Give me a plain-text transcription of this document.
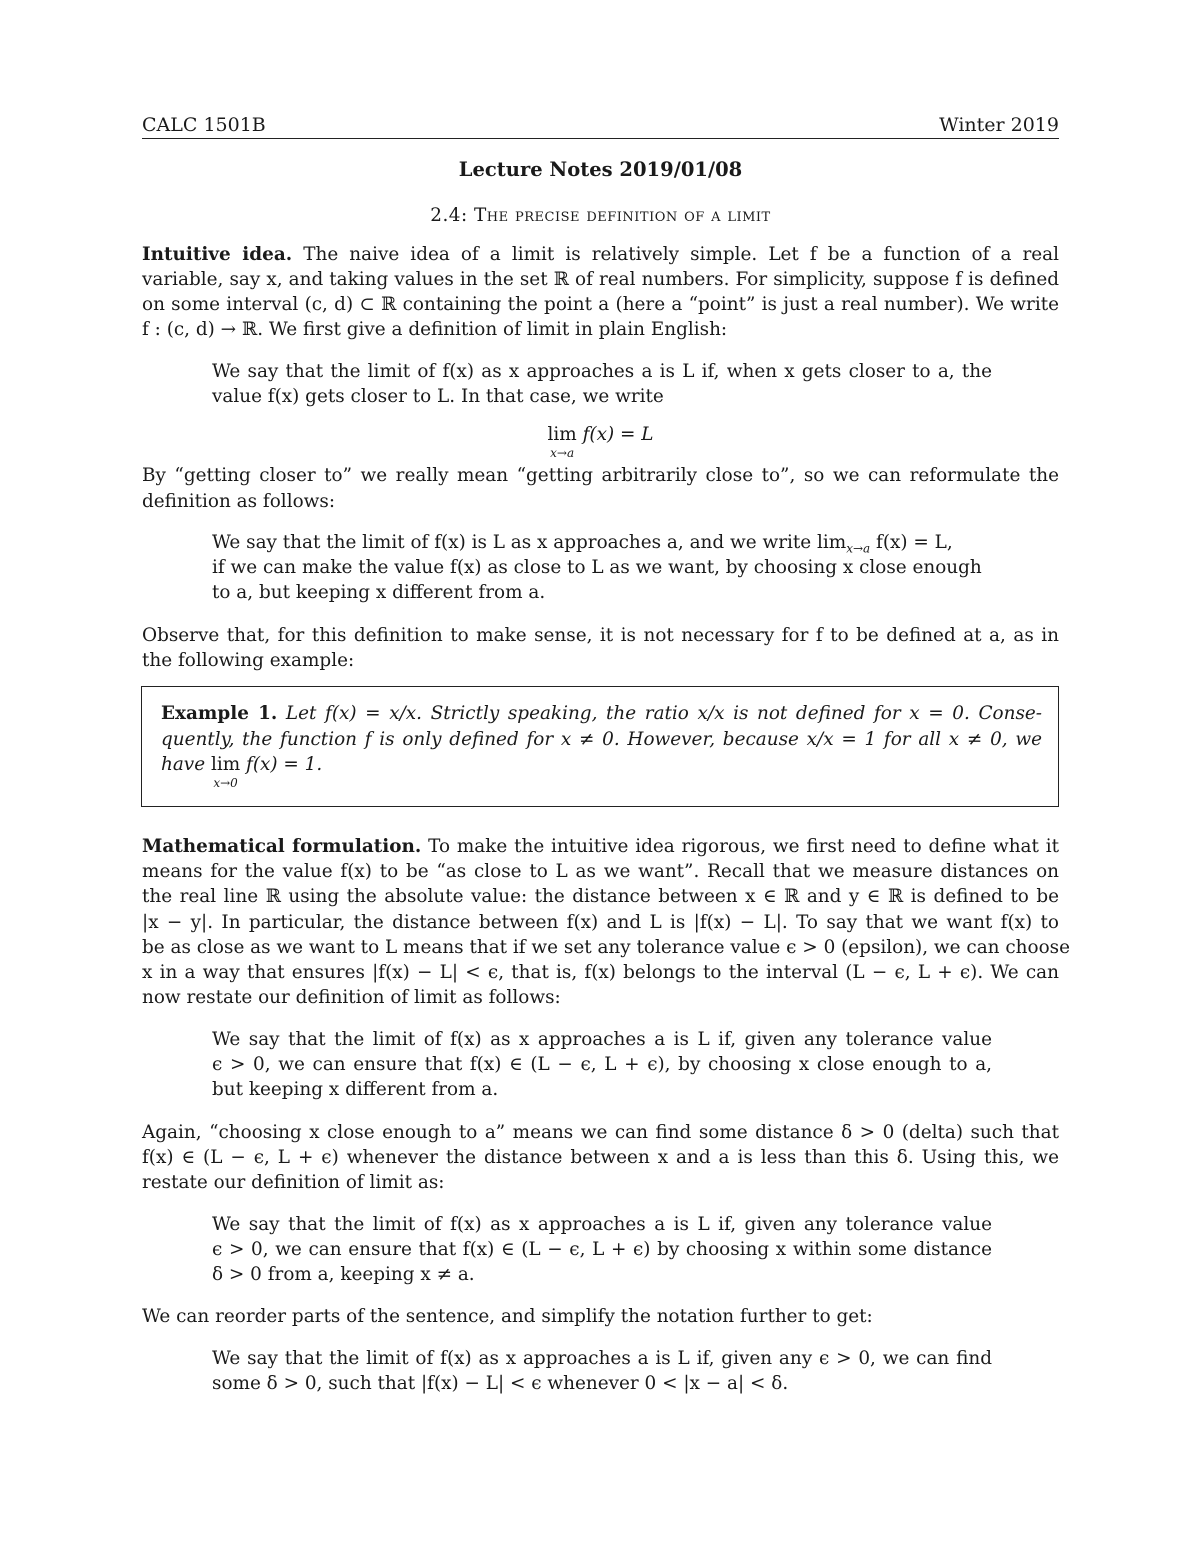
CALC 1501B	Winter 2019
Lecture Notes 2019/01/08
2.4: The precise definition of a limit
Intuitive idea. The naive idea of a limit is relatively simple. Let f be a function of a real
variable, say x, and taking values in the set ℝ of real numbers. For simplicity, suppose f is defined
on some interval (c, d) ⊂ ℝ containing the point a (here a “point” is just a real number). We write
f : (c, d) → ℝ. We first give a definition of limit in plain English:
We say that the limit of f(x) as x approaches a is L if, when x gets closer to a, the
value f(x) gets closer to L. In that case, we write
lim
x→a
f(x) = L
By “getting closer to” we really mean “getting arbitrarily close to”, so we can reformulate the
definition as follows:
We say that the limit of f(x) is L as x approaches a, and we write $\lim_{x\to a} f(x) = L$,
if we can make the value f(x) as close to L as we want, by choosing x close enough
to a, but keeping x different from a.
Observe that, for this definition to make sense, it is not necessary for f to be defined at a, as in
the following example:
Example 1. Let f(x) = x/x. Strictly speaking, the ratio x/x is not defined for x = 0. Conse-
quently, the function f is only defined for x ≠ 0. However, because x/x = 1 for all x ≠ 0, we
have lim
x→0
f(x) = 1.
Mathematical formulation. To make the intuitive idea rigorous, we first need to define what it
means for the value f(x) to be “as close to L as we want”. Recall that we measure distances on
the real line ℝ using the absolute value: the distance between x ∈ ℝ and y ∈ ℝ is defined to be
|x − y|. In particular, the distance between f(x) and L is |f(x) − L|. To say that we want f(x) to
be as close as we want to L means that if we set any tolerance value ϵ > 0 (epsilon), we can choose
x in a way that ensures |f(x) − L| < ϵ, that is, f(x) belongs to the interval (L − ϵ, L + ϵ). We can
now restate our definition of limit as follows:
We say that the limit of f(x) as x approaches a is L if, given any tolerance value
ϵ > 0, we can ensure that f(x) ∈ (L − ϵ, L + ϵ), by choosing x close enough to a,
but keeping x different from a.
Again, “choosing x close enough to a” means we can find some distance δ > 0 (delta) such that
f(x) ∈ (L − ϵ, L + ϵ) whenever the distance between x and a is less than this δ. Using this, we
restate our definition of limit as:
We say that the limit of f(x) as x approaches a is L if, given any tolerance value
ϵ > 0, we can ensure that f(x) ∈ (L − ϵ, L + ϵ) by choosing x within some distance
δ > 0 from a, keeping x ≠ a.
We can reorder parts of the sentence, and simplify the notation further to get:
We say that the limit of f(x) as x approaches a is L if, given any ϵ > 0, we can find
some δ > 0, such that |f(x) − L| < ϵ whenever 0 < |x − a| < δ.
